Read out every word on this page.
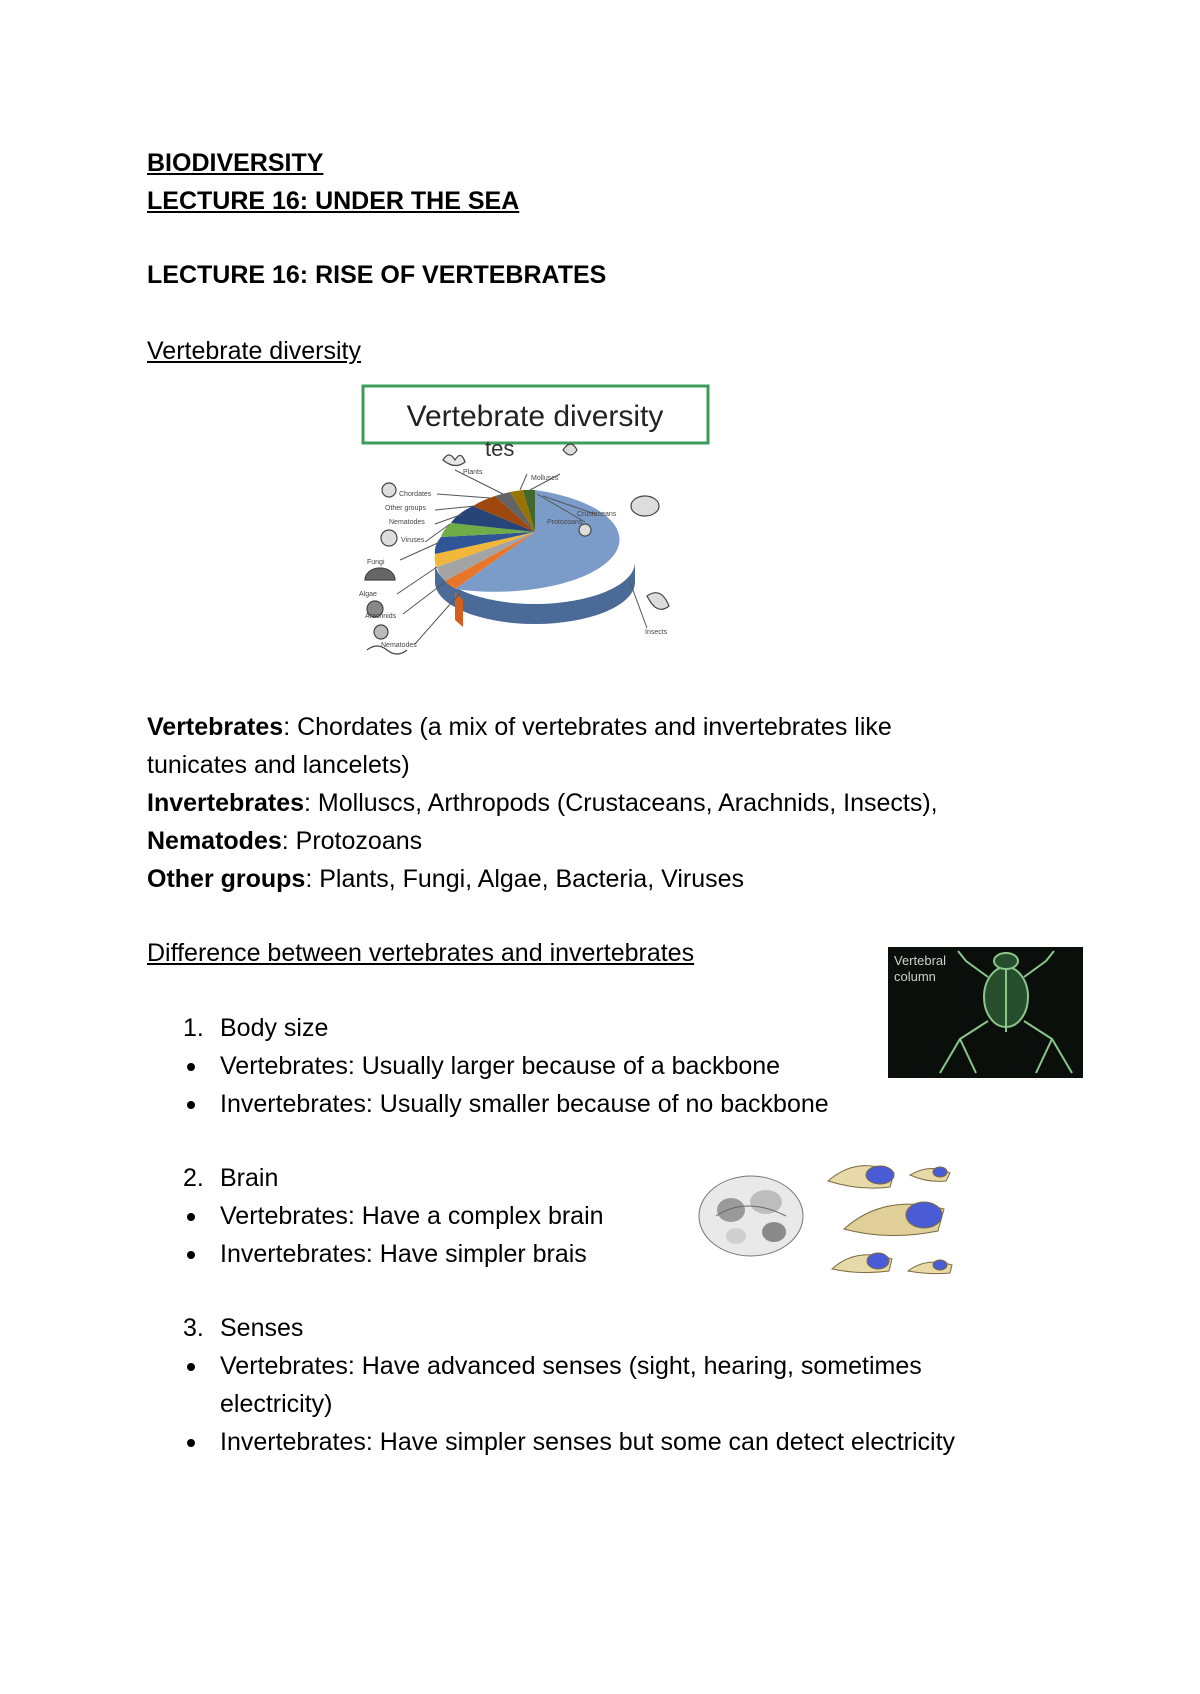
BIODIVERSITY
LECTURE 16: UNDER THE SEA
LECTURE 16: RISE OF VERTEBRATES
Vertebrate diversity
Vertebrate diversity
tes
Plants
Chordates
Other groups
Nematodes
Viruses
Fungi
Algae
Arachnids
Nematodes
Molluscs
Crustaceans
Protozoans
Insects
Vertebrates: Chordates (a mix of vertebrates and invertebrates like
tunicates and lancelets)
Invertebrates: Molluscs, Arthropods (Crustaceans, Arachnids, Insects),
Nematodes: Protozoans
Other groups: Plants, Fungi, Algae, Bacteria, Viruses
Difference between vertebrates and invertebrates	Vertebral
column
1. Body size
Vertebrates: Usually larger because of a backbone
Invertebrates: Usually smaller because of no backbone
2. Brain
Vertebrates: Have a complex brain
Invertebrates: Have simpler brais
3. Senses
Vertebrates: Have advanced senses (sight, hearing, sometimes
electricity)
Invertebrates: Have simpler senses but some can detect electricity
